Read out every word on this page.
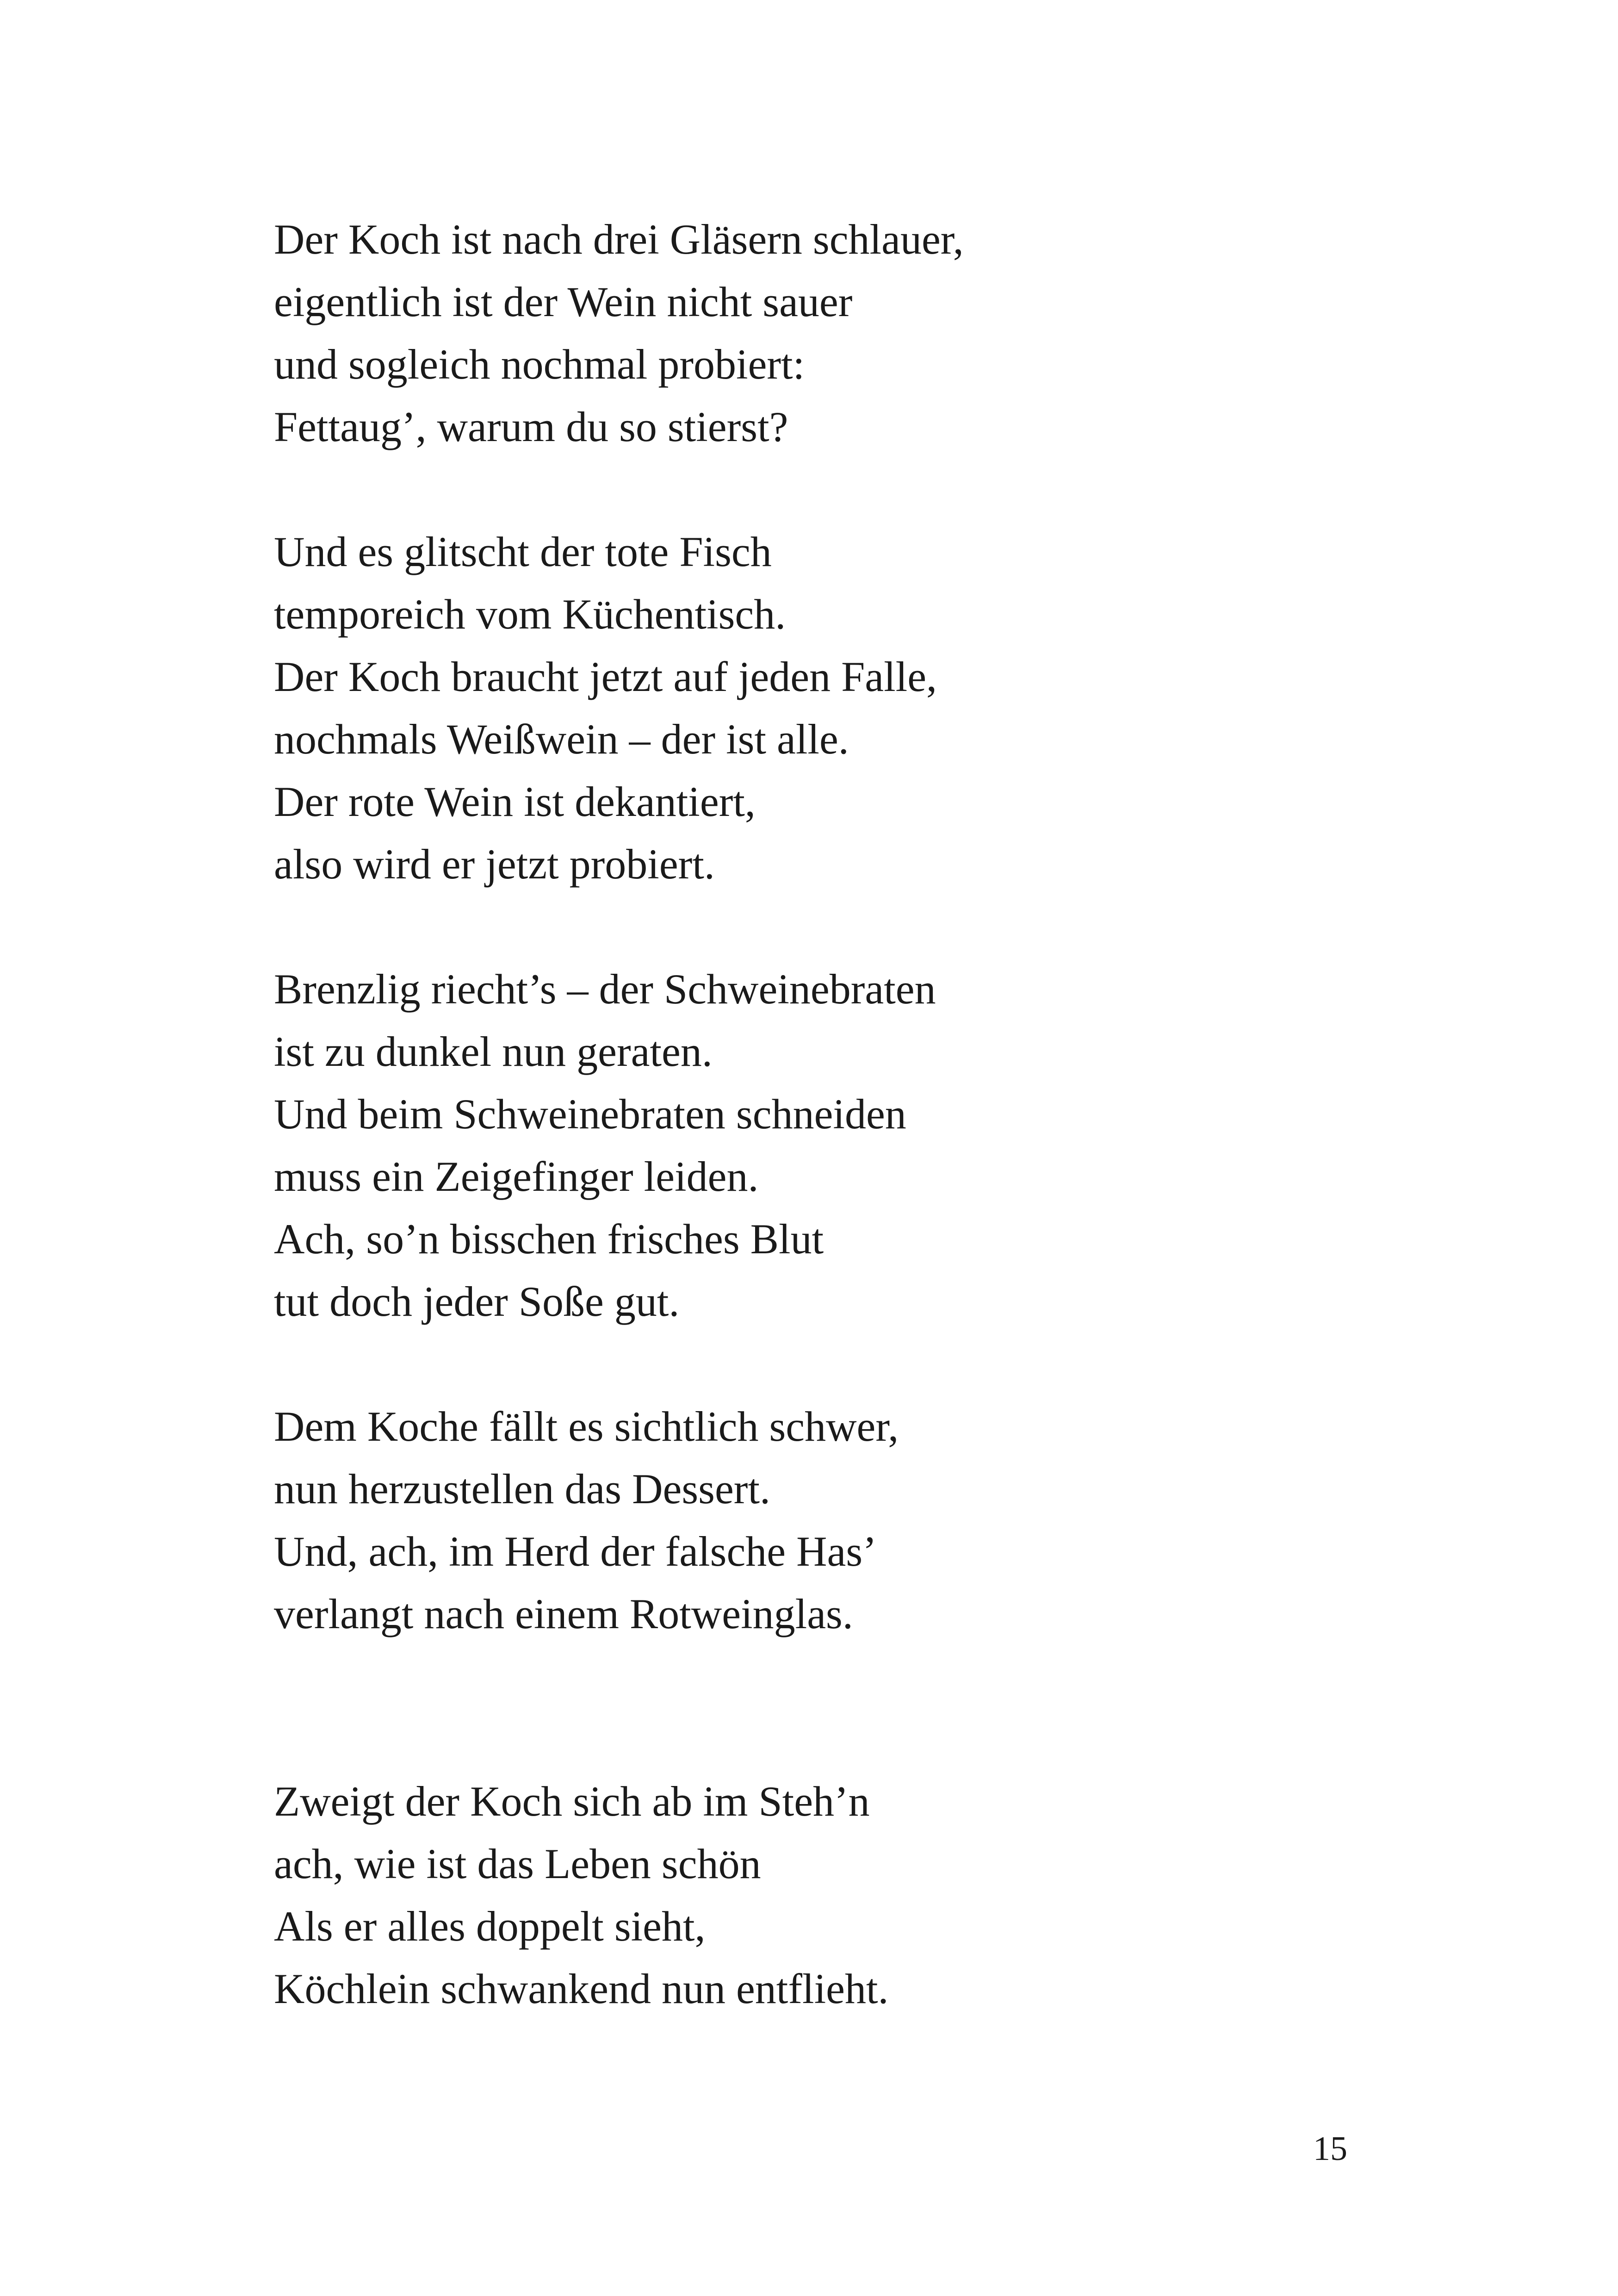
Der Koch ist nach drei Gläsern schlauer,
eigentlich ist der Wein nicht sauer
und sogleich nochmal probiert:
Fettaug’, warum du so stierst?
Und es glitscht der tote Fisch
temporeich vom Küchentisch.
Der Koch braucht jetzt auf jeden Falle,
nochmals Weißwein – der ist alle.
Der rote Wein ist dekantiert,
also wird er jetzt probiert.
Brenzlig riecht’s – der Schweinebraten
ist zu dunkel nun geraten.
Und beim Schweinebraten schneiden
muss ein Zeigefinger leiden.
Ach, so’n bisschen frisches Blut
tut doch jeder Soße gut.
Dem Koche fällt es sichtlich schwer,
nun herzustellen das Dessert.
Und, ach, im Herd der falsche Has’
verlangt nach einem Rotweinglas.
Zweigt der Koch sich ab im Steh’n
ach, wie ist das Leben schön
Als er alles doppelt sieht,
Köchlein schwankend nun entflieht.
15
